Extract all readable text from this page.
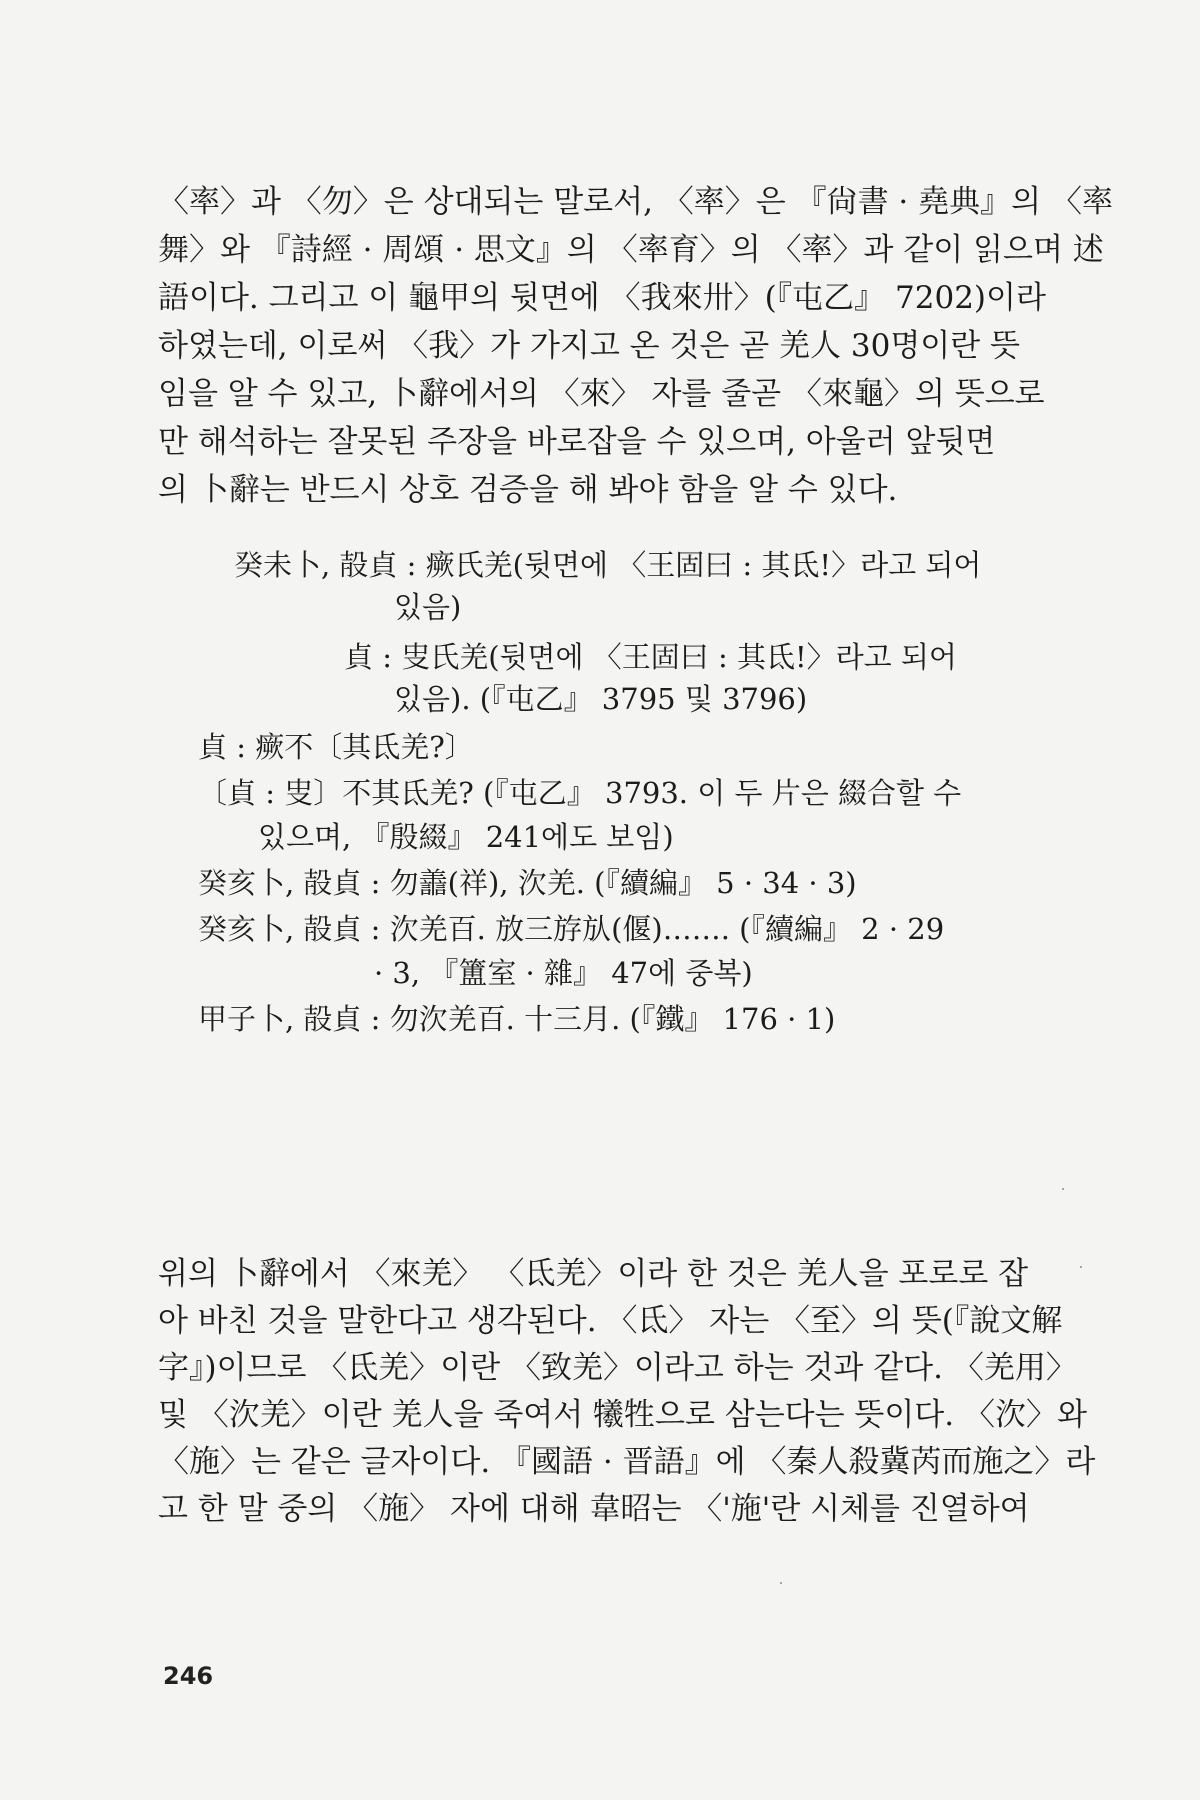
〈率〉과 〈勿〉은 상대되는 말로서, 〈率〉은 『尙書 · 堯典』의 〈率
舞〉와 『詩經 · 周頌 · 思文』의 〈率育〉의 〈率〉과 같이 읽으며 述
語이다. 그리고 이 龜甲의 뒷면에 〈我來卅〉(『屯乙』 7202)이라
하였는데, 이로써 〈我〉가 가지고 온 것은 곧 羌人 30명이란 뜻
임을 알 수 있고, 卜辭에서의 〈來〉 자를 줄곧 〈來龜〉의 뜻으로
만 해석하는 잘못된 주장을 바로잡을 수 있으며, 아울러 앞뒷면
의 卜辭는 반드시 상호 검증을 해 봐야 함을 알 수 있다.
癸未卜, 㱿貞 : 瘚氏羌(뒷면에 〈王固曰 : 其氐!〉라고 되어
있음)
貞 : 㕜氏羌(뒷면에 〈王固曰 : 其氐!〉라고 되어
있음). (『屯乙』 3795 및 3796)
貞 : 瘚不〔其氐羌?〕
〔貞 : 㕜〕不其氐羌? (『屯乙』 3793. 이 두 片은 綴合할 수
있으며, 『殷綴』 241에도 보임)
癸亥卜, 㱿貞 : 勿譱(祥), 㳄羌. (『續編』 5 · 34 · 3)
癸亥卜, 㱿貞 : 㳄羌百. 放三斿㫃(偃)……. (『續編』 2 · 29
· 3, 『簠室 · 雜』 47에 중복)
甲子卜, 㱿貞 : 勿㳄羌百. 十三月. (『鐵』 176 · 1)
위의 卜辭에서 〈來羌〉 〈氐羌〉이라 한 것은 羌人을 포로로 잡
아 바친 것을 말한다고 생각된다. 〈氐〉 자는 〈至〉의 뜻(『說文解
字』)이므로 〈氐羌〉이란 〈致羌〉이라고 하는 것과 같다. 〈羌用〉
및 〈㳄羌〉이란 羌人을 죽여서 犧牲으로 삼는다는 뜻이다. 〈㳄〉와
〈施〉는 같은 글자이다. 『國語 · 晋語』에 〈秦人殺冀芮而施之〉라
고 한 말 중의 〈施〉 자에 대해 韋昭는 〈'施'란 시체를 진열하여
246
